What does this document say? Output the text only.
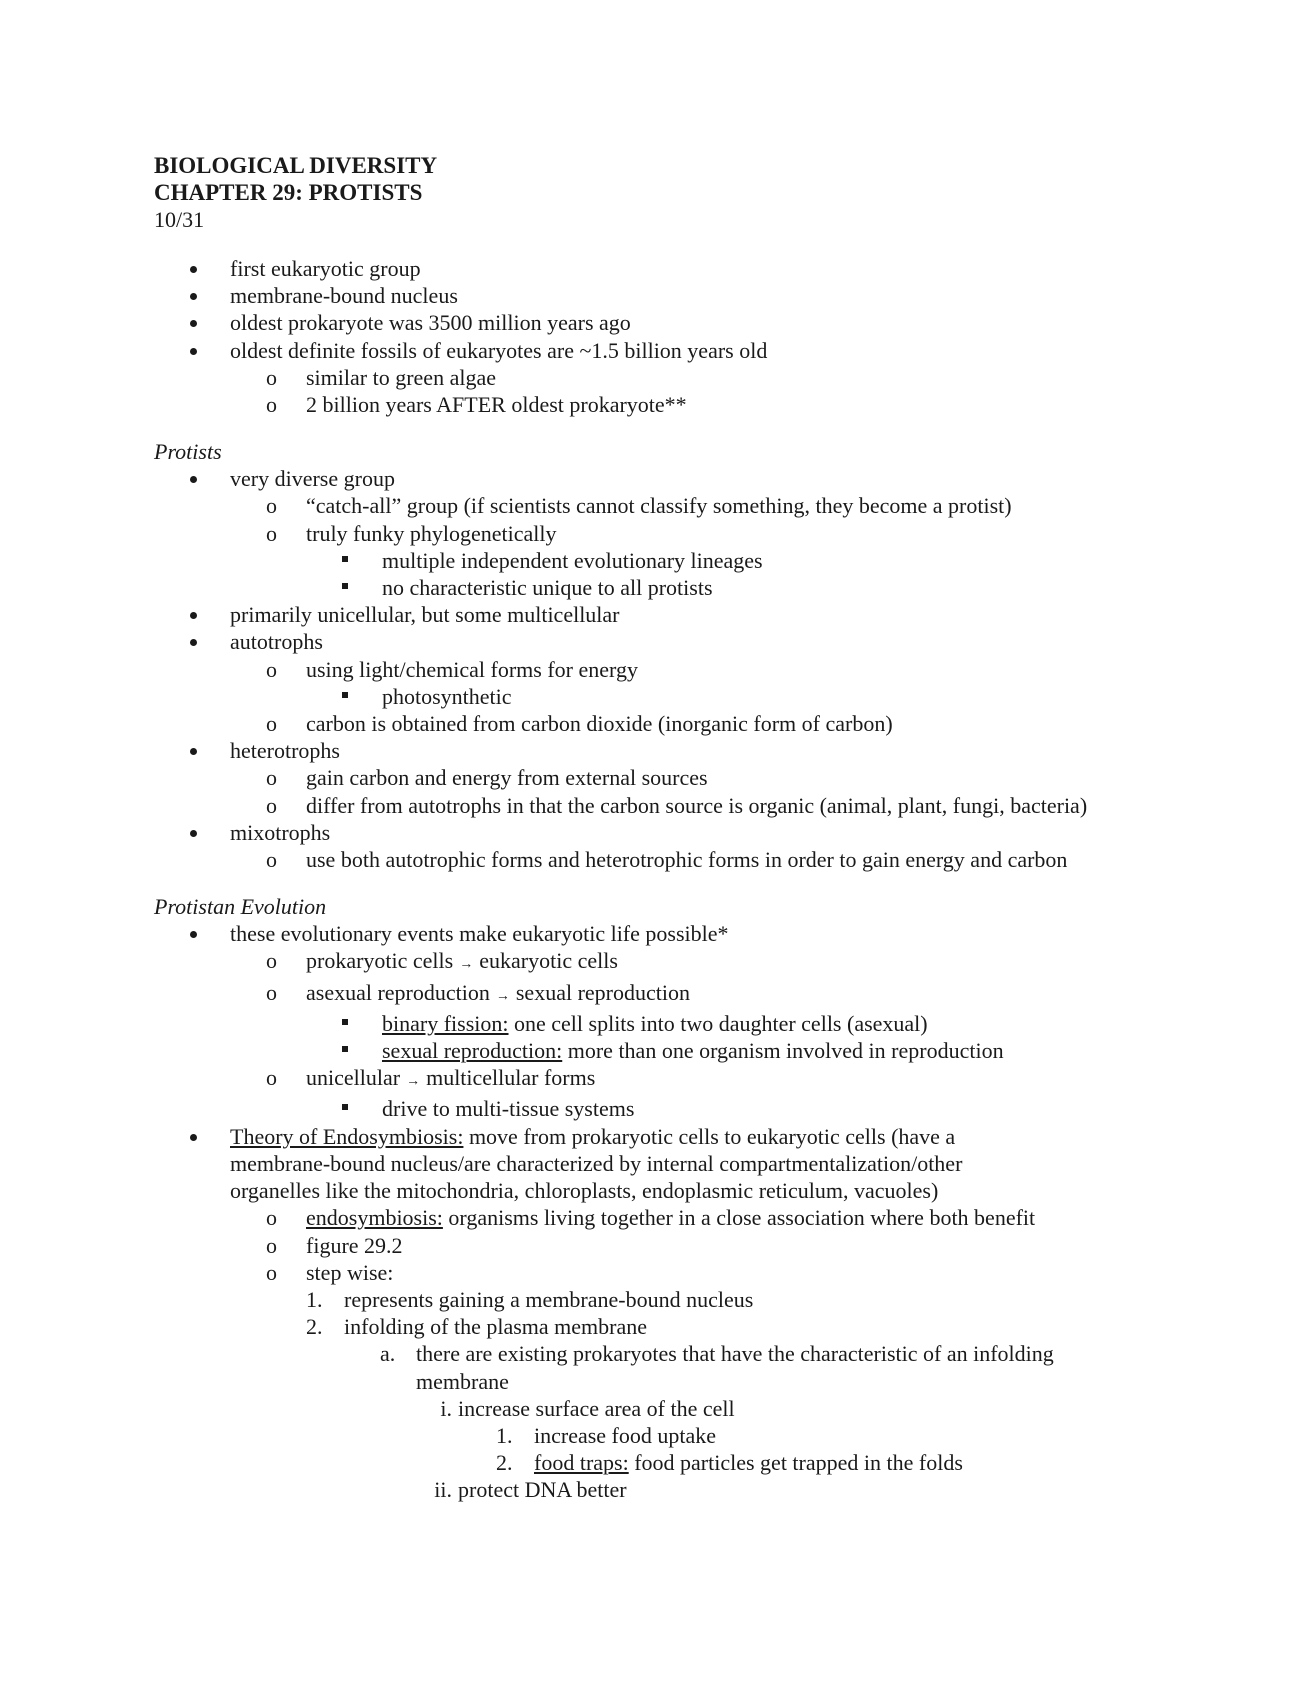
BIOLOGICAL DIVERSITY

CHAPTER 29: PROTISTS

10/31

first eukaryotic group
membrane-bound nucleus
oldest prokaryote was 3500 million years ago
oldest definite fossils of eukaryotes are ~1.5 billion years old
o	similar to green algae
o	2 billion years AFTER oldest prokaryote**

Protists

very diverse group
o	“catch-all” group (if scientists cannot classify something, they become a protist)
o	truly funky phylogenetically
multiple independent evolutionary lineages
no characteristic unique to all protists
primarily unicellular, but some multicellular
autotrophs
o	using light/chemical forms for energy
photosynthetic
o	carbon is obtained from carbon dioxide (inorganic form of carbon)
heterotrophs
o	gain carbon and energy from external sources
o	differ from autotrophs in that the carbon source is organic (animal, plant, fungi, bacteria)
mixotrophs
o	use both autotrophic forms and heterotrophic forms in order to gain energy and carbon

Protistan Evolution

these evolutionary events make eukaryotic life possible*
o	prokaryotic cells → eukaryotic cells
o	asexual reproduction → sexual reproduction
binary fission: one cell splits into two daughter cells (asexual)
sexual reproduction: more than one organism involved in reproduction
o	unicellular → multicellular forms
drive to multi-tissue systems
Theory of Endosymbiosis: move from prokaryotic cells to eukaryotic cells (have a membrane-bound nucleus/are characterized by internal compartmentalization/other organelles like the mitochondria, chloroplasts, endoplasmic reticulum, vacuoles)
o	endosymbiosis: organisms living together in a close association where both benefit
o	figure 29.2
o	step wise:
1. represents gaining a membrane-bound nucleus
2. infolding of the plasma membrane
a. there are existing prokaryotes that have the characteristic of an infolding membrane
i. increase surface area of the cell
1. increase food uptake
2. food traps: food particles get trapped in the folds
ii. protect DNA better
